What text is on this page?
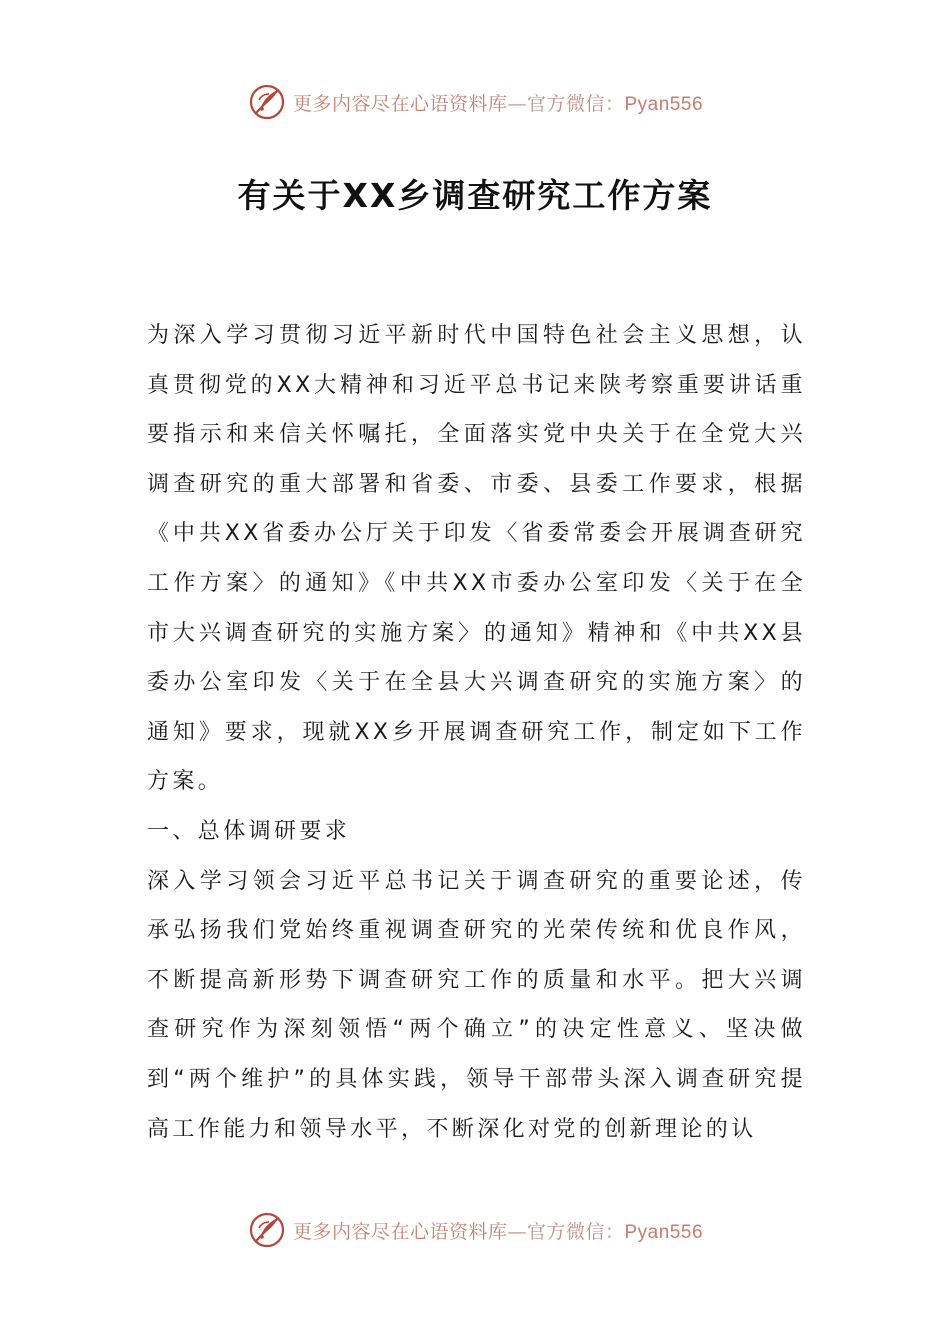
更多内容尽在心语资料库—官方微信：Pyan556
有关于XX乡调查研究工作方案

为深入学习贯彻习近平新时代中国特色社会主义思想，认真贯彻党的XX大精神和习近平总书记来陕考察重要讲话重要指示和来信关怀嘱托，全面落实党中央关于在全党大兴调查研究的重大部署和省委、市委、县委工作要求，根据《中共XX省委办公厅关于印发〈省委常委会开展调查研究工作方案〉的通知》《中共XX市委办公室印发〈关于在全市大兴调查研究的实施方案〉的通知》精神和《中共XX县委办公室印发〈关于在全县大兴调查研究的实施方案〉的通知》要求，现就XX乡开展调查研究工作，制定如下工作方案。

一、总体调研要求

深入学习领会习近平总书记关于调查研究的重要论述，传承弘扬我们党始终重视调查研究的光荣传统和优良作风，不断提高新形势下调查研究工作的质量和水平。把大兴调查研究作为深刻领悟“两个确立”的决定性意义、坚决做到“两个维护”的具体实践，领导干部带头深入调查研究提高工作能力和领导水平，不断深化对党的创新理论的认

更多内容尽在心语资料库—官方微信：Pyan556
